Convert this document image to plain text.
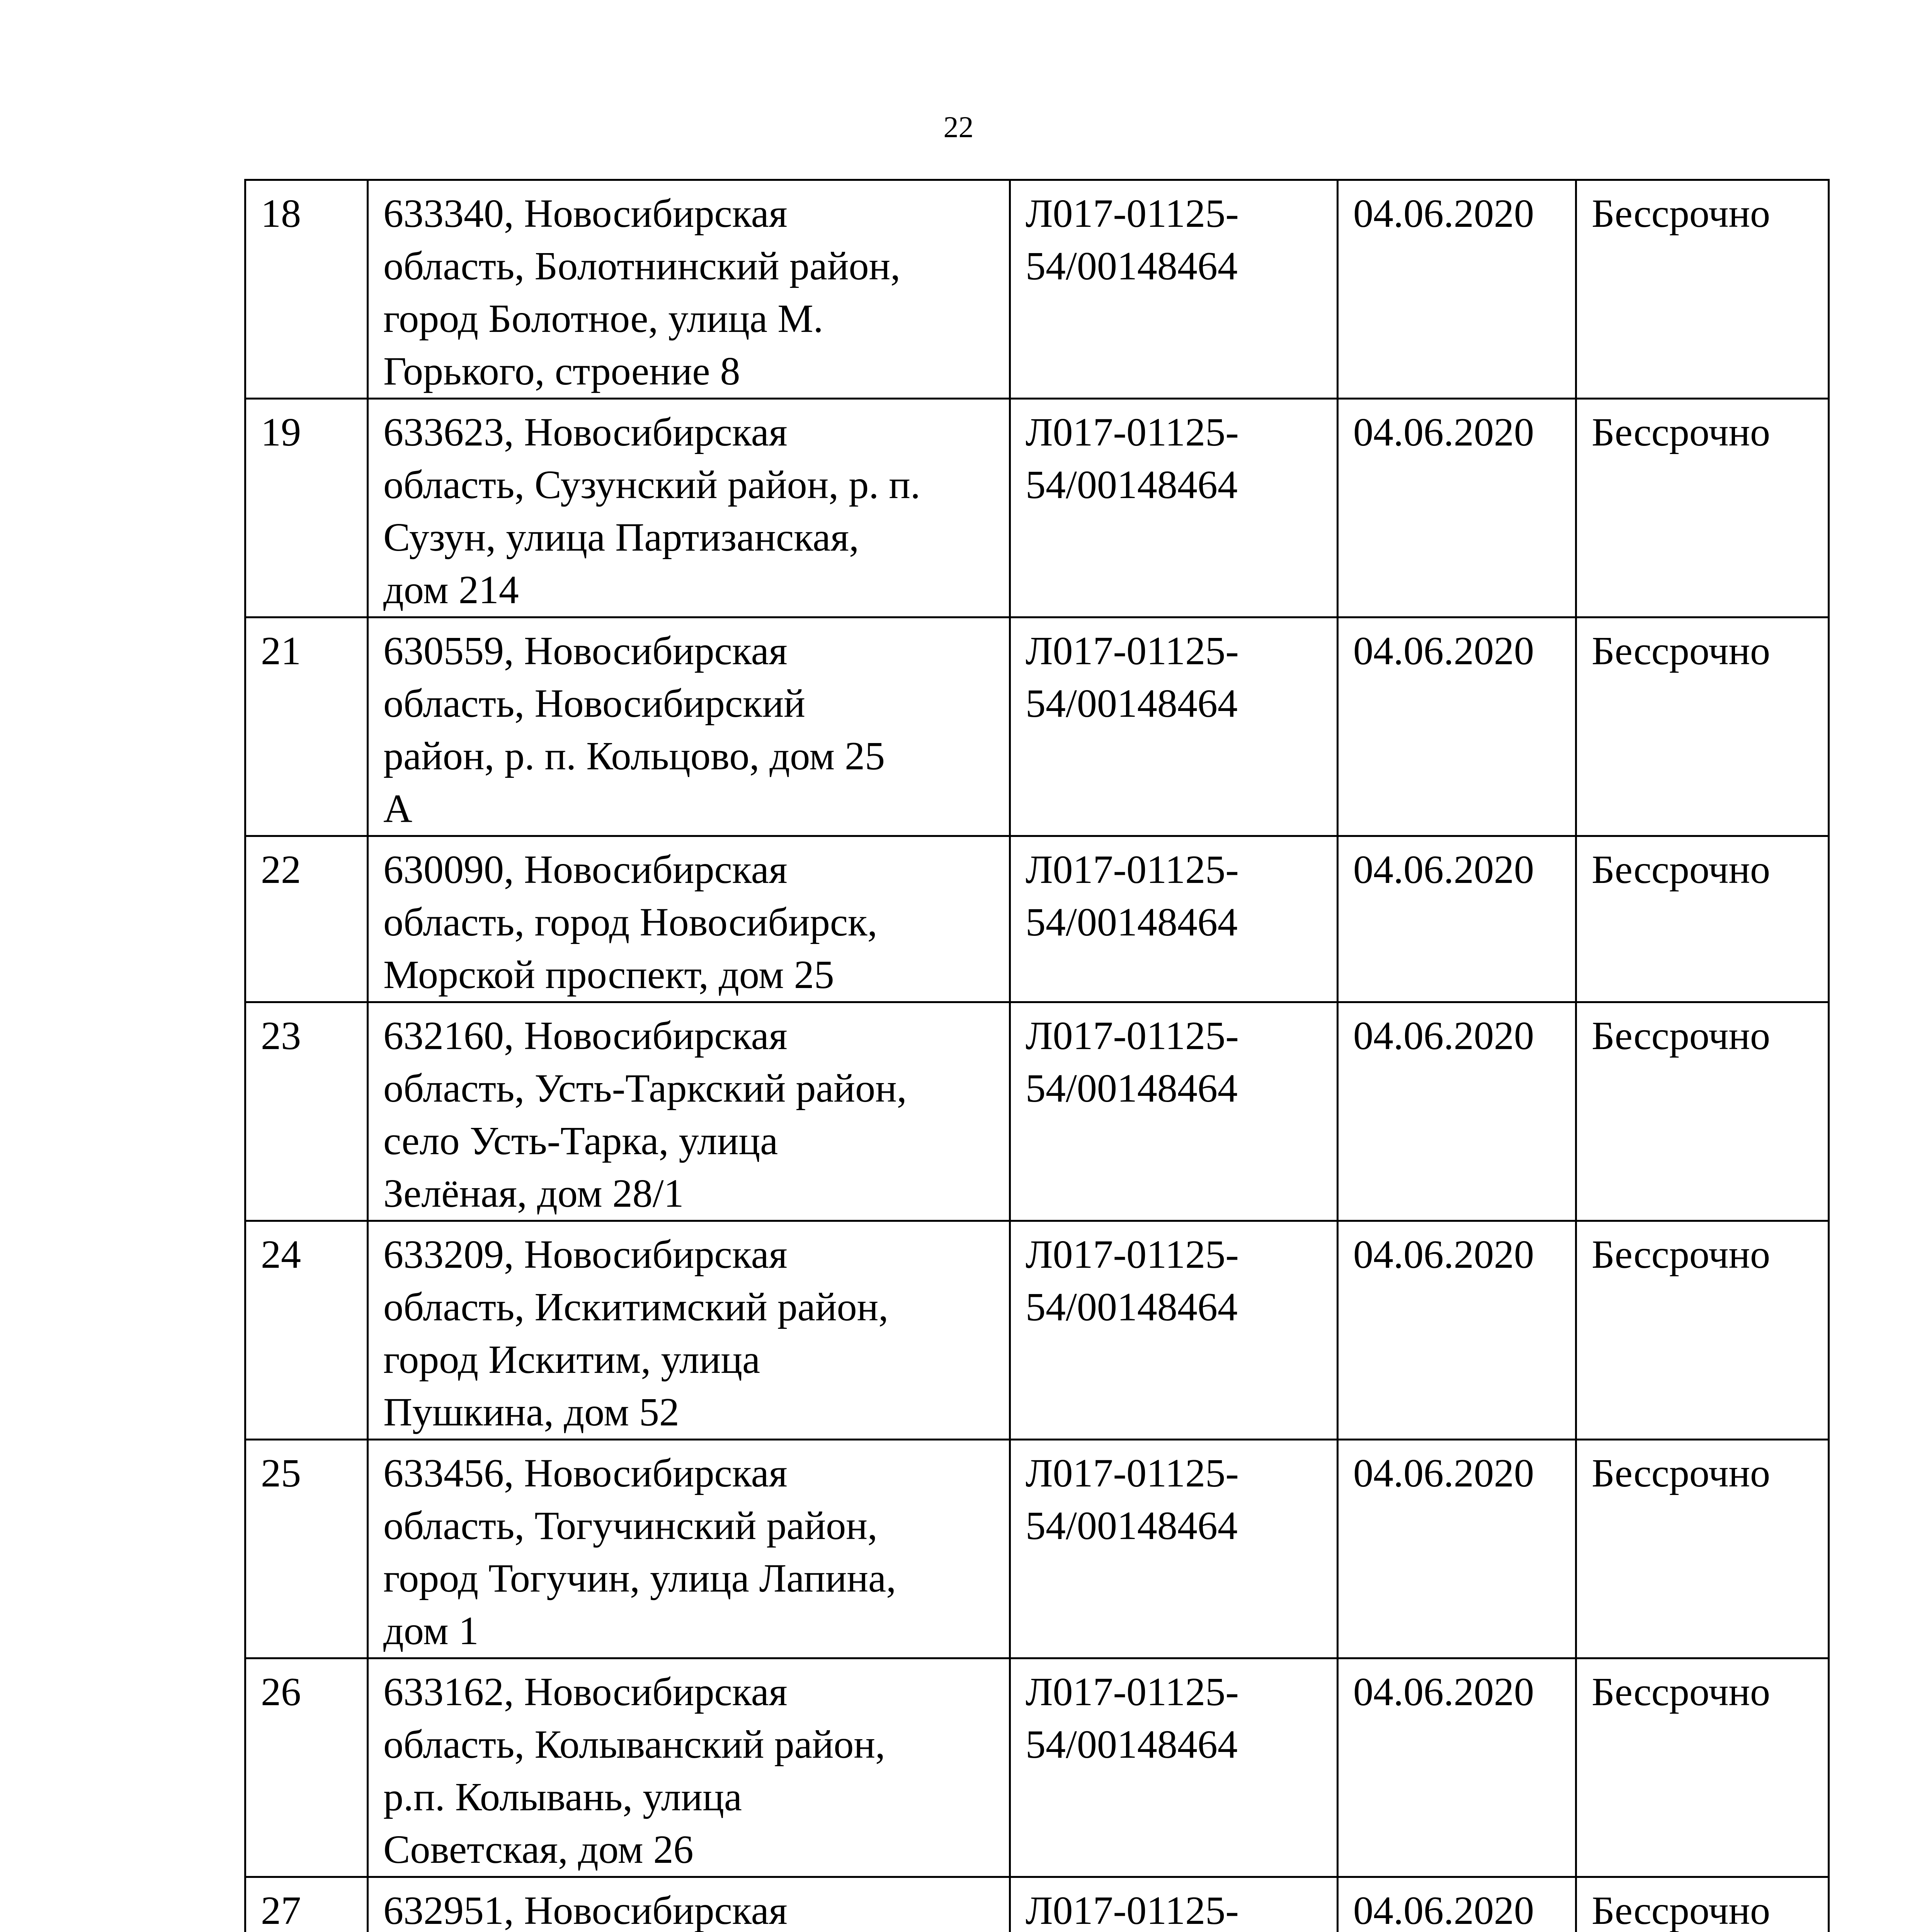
22
18	633340, Новосибирская
область, Болотнинский район,
город Болотное, улица М.
Горького, строение 8	Л017-01125-
54/00148464	04.06.2020	Бессрочно
19	633623, Новосибирская
область, Сузунский район, р. п.
Сузун, улица Партизанская,
дом 214	Л017-01125-
54/00148464	04.06.2020	Бессрочно
21	630559, Новосибирская
область, Новосибирский
район, р. п. Кольцово, дом 25
А	Л017-01125-
54/00148464	04.06.2020	Бессрочно
22	630090, Новосибирская
область, город Новосибирск,
Морской проспект, дом 25	Л017-01125-
54/00148464	04.06.2020	Бессрочно
23	632160, Новосибирская
область, Усть-Таркский район,
село Усть-Тарка, улица
Зелёная, дом 28/1	Л017-01125-
54/00148464	04.06.2020	Бессрочно
24	633209, Новосибирская
область, Искитимский район,
город Искитим, улица
Пушкина, дом 52	Л017-01125-
54/00148464	04.06.2020	Бессрочно
25	633456, Новосибирская
область, Тогучинский район,
город Тогучин, улица Лапина,
дом 1	Л017-01125-
54/00148464	04.06.2020	Бессрочно
26	633162, Новосибирская
область, Колыванский район,
р.п. Колывань, улица
Советская, дом 26	Л017-01125-
54/00148464	04.06.2020	Бессрочно
27	632951, Новосибирская	Л017-01125-	04.06.2020	Бессрочно
